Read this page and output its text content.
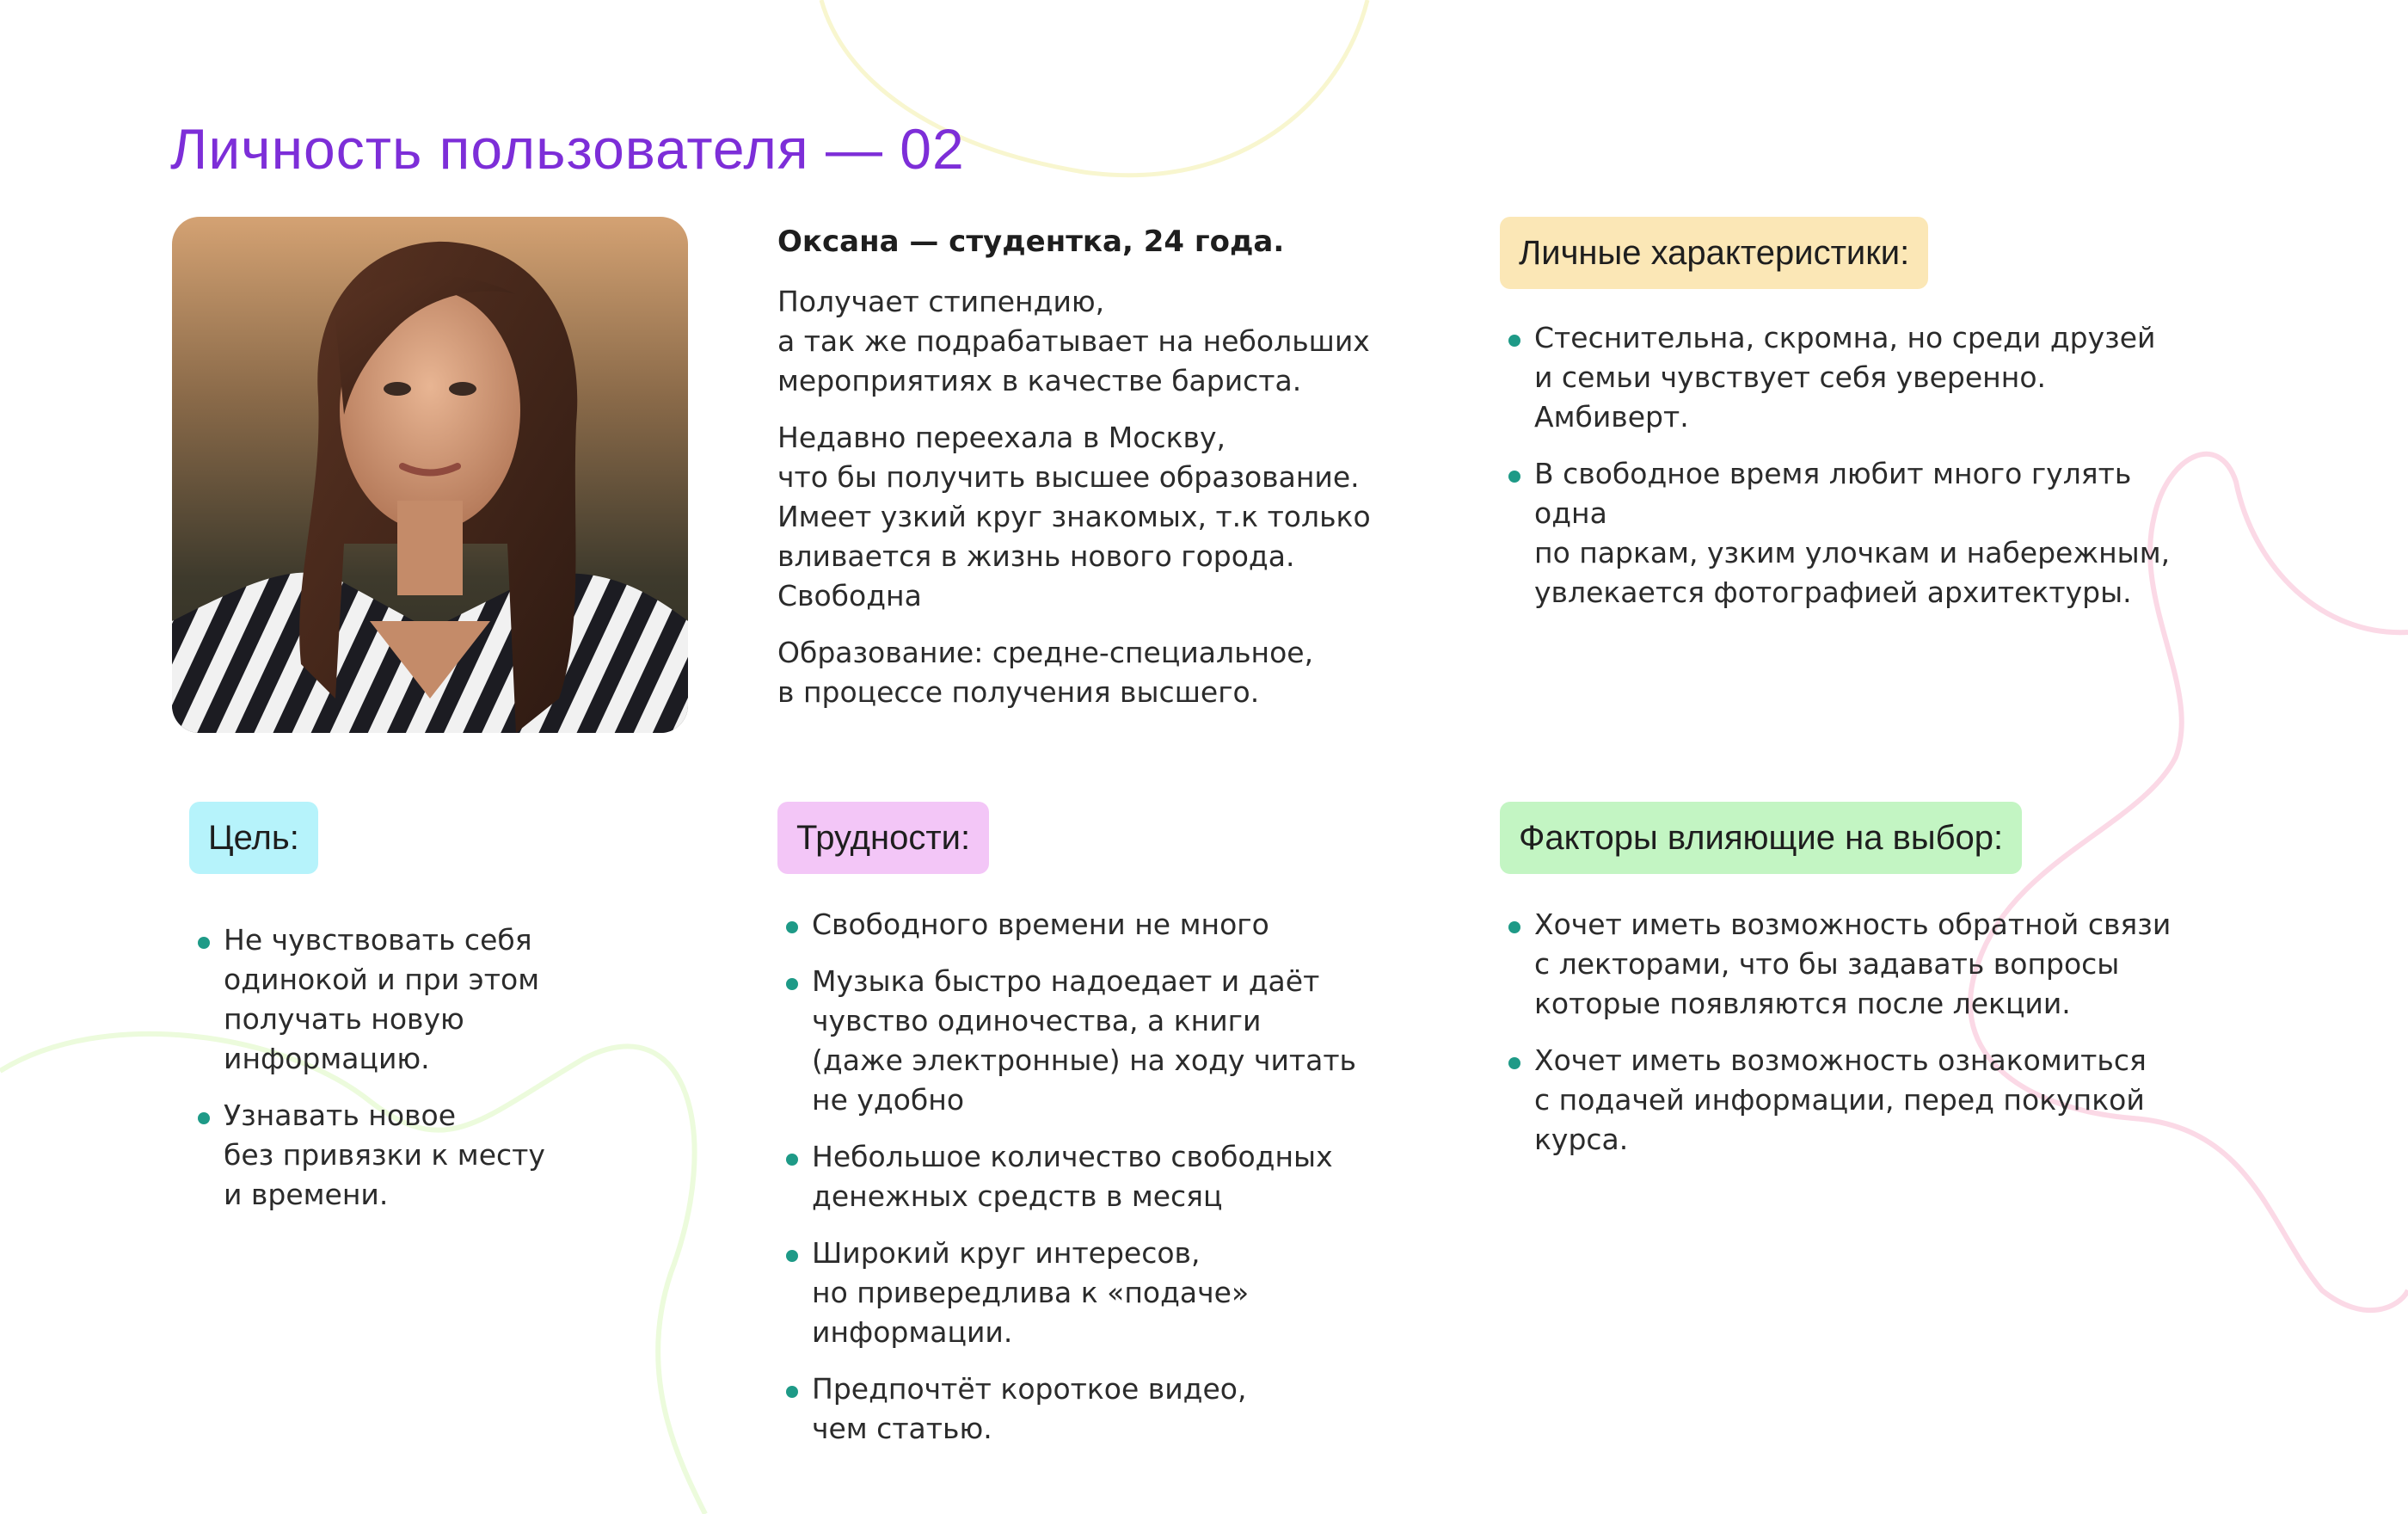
Личность пользователя — 02
Оксана — студентка, 24 года.

Получает стипендию,
а так же подрабатывает на небольших
мероприятиях в качестве бариста.

Недавно переехала в Москву,
что бы получить высшее образование.
Имеет узкий круг знакомых, т.к только
вливается в жизнь нового города.
Свободна

Образование: средне-специальное,
в процессе получения высшего.

Личные характеристики:
Стеснительна, скромна, но среди друзей
и семьи чувствует себя уверенно. Амбиверт.
В свободное время любит много гулять одна
по паркам, узким улочкам и набережным,
увлекается фотографией архитектуры.
Цель:
Не чувствовать себя
одинокой и при этом
получать новую
информацию.
Узнавать новое
без привязки к месту
и времени.
Трудности:
Свободного времени не много
Музыка быстро надоедает и даёт
чувство одиночества, а книги
(даже электронные) на ходу читать
не удобно
Небольшое количество свободных
денежных средств в месяц
Широкий круг интересов,
но привередлива к «подаче»
информации.
Предпочтёт короткое видео,
чем статью.
Факторы влияющие на выбор:
Хочет иметь возможность обратной связи
с лекторами, что бы задавать вопросы
которые появляются после лекции.
Хочет иметь возможность ознакомиться
с подачей информации, перед покупкой
курса.
